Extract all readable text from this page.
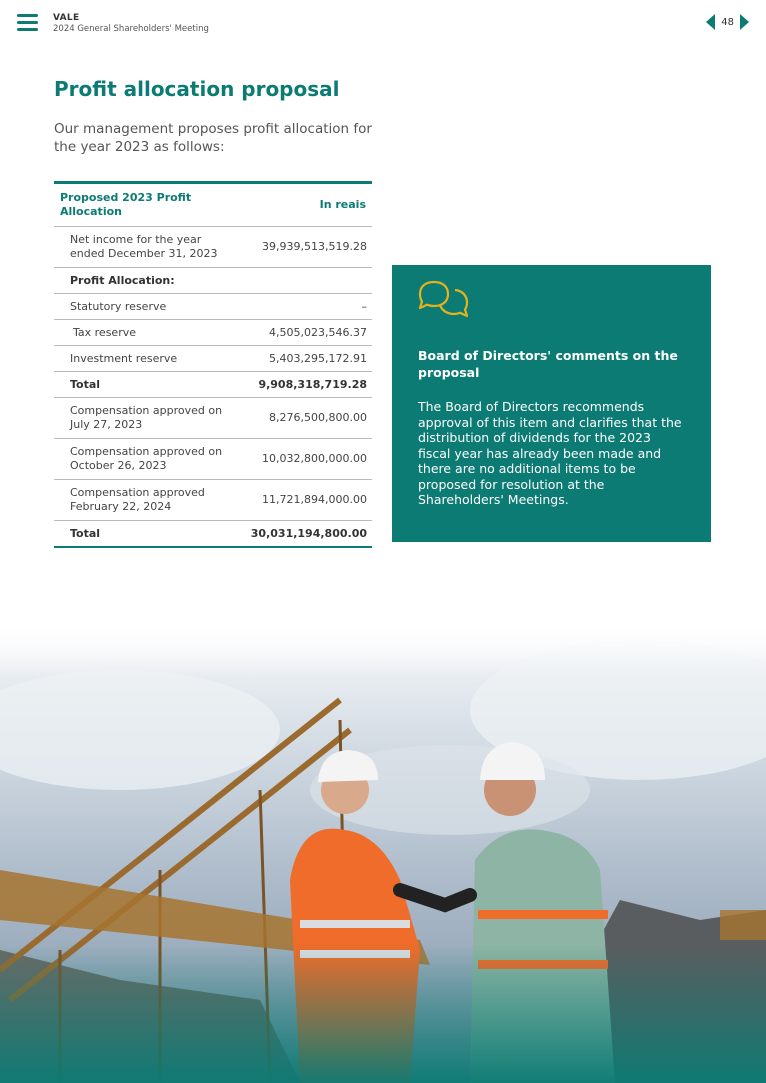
VALE
2024 General Shareholders' Meeting
48
Profit allocation proposal

Our management proposes profit allocation for the year 2023 as follows:

Proposed 2023 Profit Allocation	In reais
Net income for the year ended December 31, 2023	39,939,513,519.28
Profit Allocation:	
Statutory reserve	–
Tax reserve	4,505,023,546.37
Investment reserve	5,403,295,172.91
Total	9,908,318,719.28
Compensation approved on July 27, 2023	8,276,500,800.00
Compensation approved on October 26, 2023	10,032,800,000.00
Compensation approved February 22, 2024	11,721,894,000.00
Total	30,031,194,800.00

Board of Directors' comments on the proposal

The Board of Directors recommends approval of this item and clarifies that the distribution of dividends for the 2023 fiscal year has already been made and there are no additional items to be proposed for resolution at the Shareholders' Meetings.
